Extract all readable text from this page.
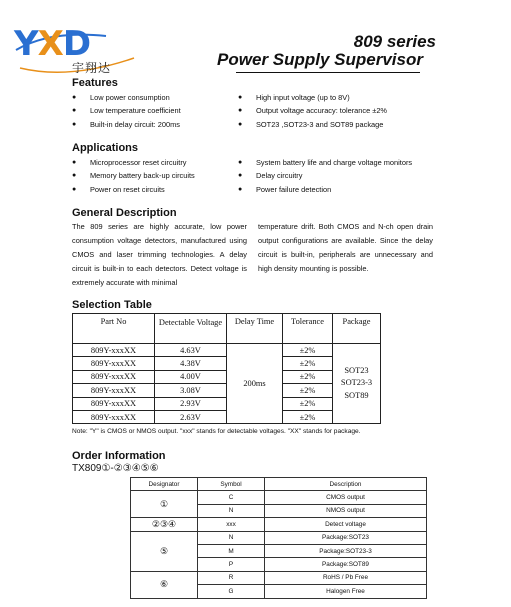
YXD
宇翔达
809 series
Power Supply Supervisor
Features
●	Low power consumption
●	Low temperature coefficient
●	Built-in delay circuit: 200ms
●	High input voltage (up to 8V)
●	Output voltage accuracy: tolerance ±2%
●	SOT23 ,SOT23-3 and SOT89 package
Applications
●	Microprocessor reset circuitry
●	Memory battery back-up circuits
●	Power on reset circuits
●	System battery life and charge voltage monitors
●	Delay circuitry
●	Power failure detection
General Description
The 809 series are highly accurate, low power consumption voltage detectors, manufactured using CMOS and laser trimming technologies. A delay circuit is built-in to each detectors. Detect voltage is extremely accurate with minimal
temperature drift. Both CMOS and N-ch open drain output configurations are available. Since the delay circuit is built-in, peripherals are unnecessary and high density mounting is possible.
Selection Table
Part No	Detectable Voltage	Delay Time	Tolerance	Package
809Y-xxxXX	4.63V	200ms	±2%	SOT23
SOT23-3
SOT89

809Y-xxxXX	4.38V		±2%	
809Y-xxxXX	4.00V		±2%	
809Y-xxxXX	3.08V		±2%	
809Y-xxxXX	2.93V		±2%	
809Y-xxxXX	2.63V		±2%	
Note: "Y" is CMOS or NMOS output. "xxx" stands for detectable voltages. "XX" stands for package.
Order Information
TX809①-②③④⑤⑥
Designator	Symbol	Description
①	C	CMOS output
	N	NMOS output
②③④	xxx	Detect voltage
⑤	N	Package:SOT23
	M	Package:SOT23-3
	P	Package:SOT89
⑥	R	RoHS / Pb Free
	G	Halogen Free
